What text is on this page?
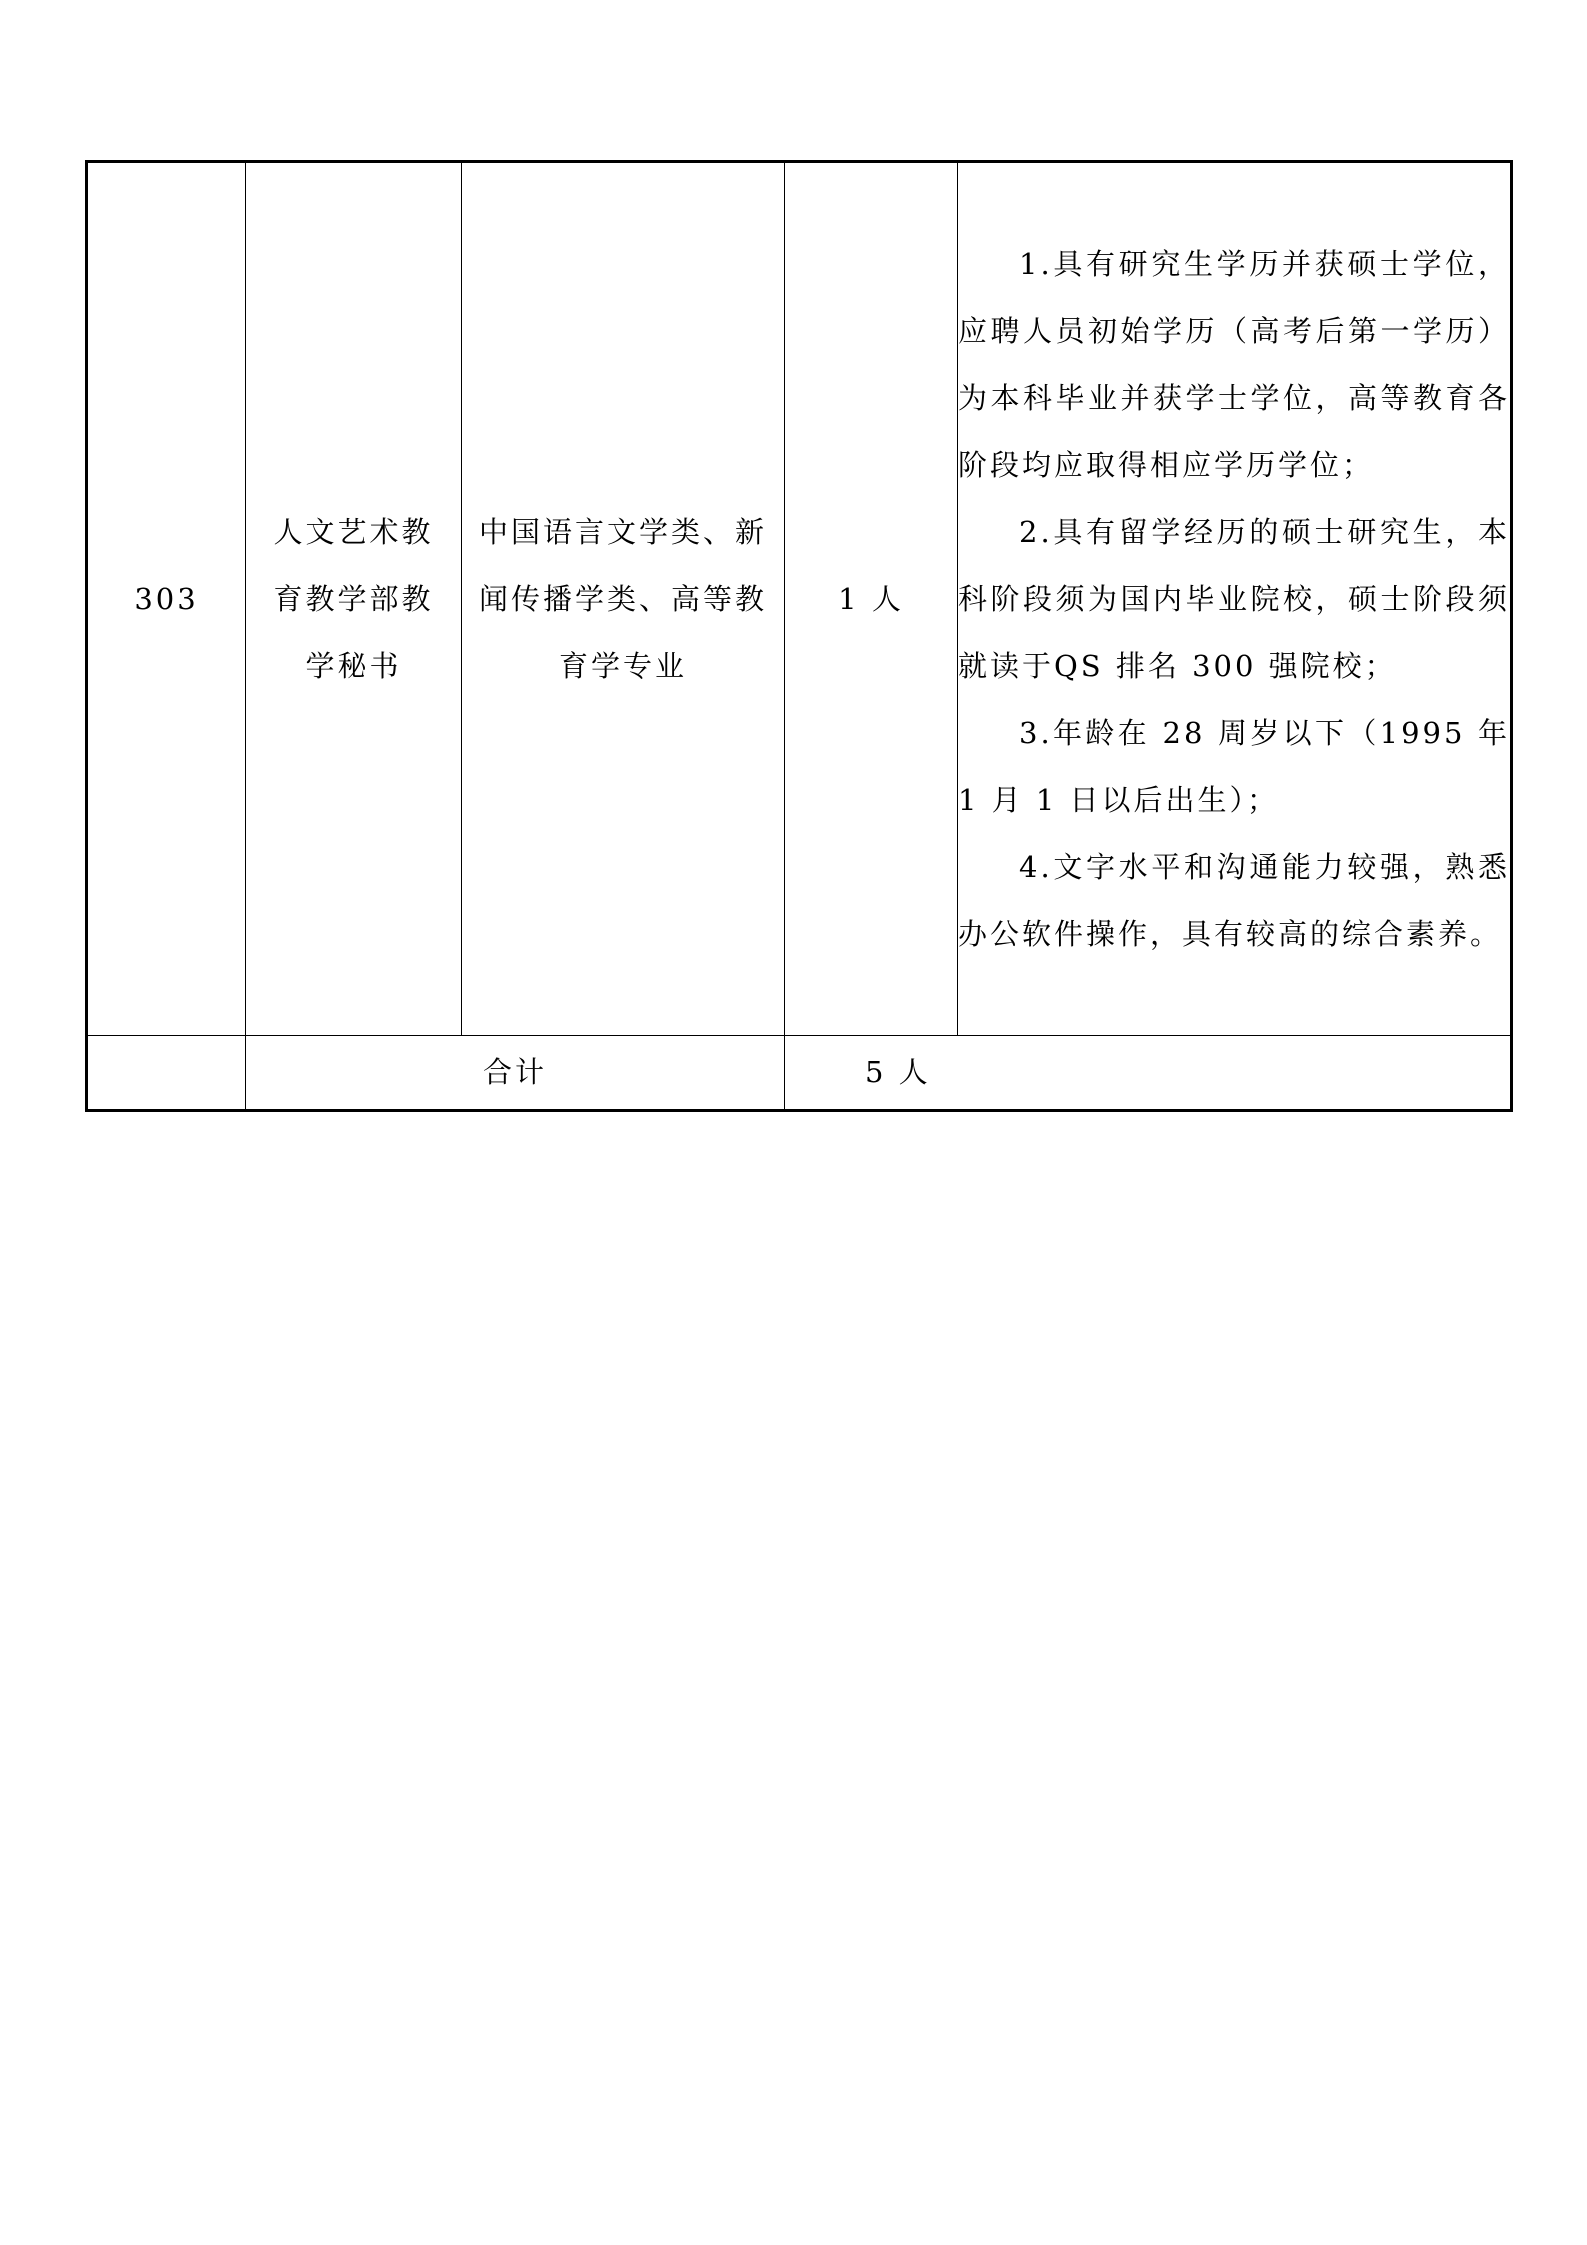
303	人文艺术教育教学部教学秘书	中国语言文学类、新闻传播学类、高等教育学专业	1 人	1.具有研究生学历并获硕士学位，应聘人员初始学历（高考后第一学历）为本科毕业并获学士学位，高等教育各阶段均应取得相应学历学位；
2.具有留学经历的硕士研究生，本科阶段须为国内毕业院校，硕士阶段须就读于QS 排名 300 强院校；
3.年龄在 28 周岁以下（1995 年 1 月 1 日以后出生）；
4.文字水平和沟通能力较强，熟悉办公软件操作，具有较高的综合素养。

	合计		5 人	
